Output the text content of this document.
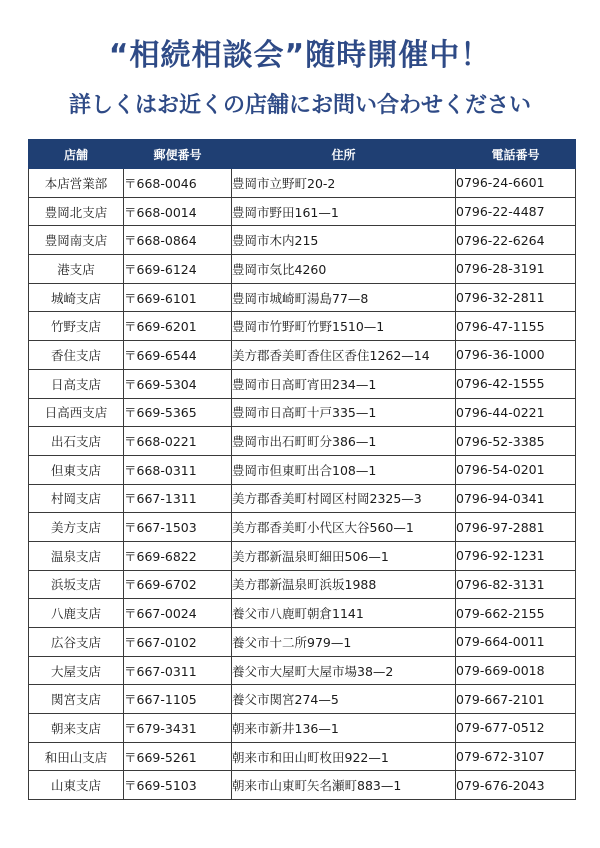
“相続相談会”随時開催中！
詳しくはお近くの店舗にお問い合わせください
店舗	郵便番号	住所	電話番号
本店営業部	〒668-0046	豊岡市立野町20-2	0796-24-6601
豊岡北支店	〒668-0014	豊岡市野田161—1	0796-22-4487
豊岡南支店	〒668-0864	豊岡市木内215	0796-22-6264
港支店	〒669-6124	豊岡市気比4260	0796-28-3191
城崎支店	〒669-6101	豊岡市城崎町湯島77—8	0796-32-2811
竹野支店	〒669-6201	豊岡市竹野町竹野1510—1	0796-47-1155
香住支店	〒669-6544	美方郡香美町香住区香住1262—14	0796-36-1000
日高支店	〒669-5304	豊岡市日高町宵田234—1	0796-42-1555
日高西支店	〒669-5365	豊岡市日高町十戸335—1	0796-44-0221
出石支店	〒668-0221	豊岡市出石町町分386—1	0796-52-3385
但東支店	〒668-0311	豊岡市但東町出合108—1	0796-54-0201
村岡支店	〒667-1311	美方郡香美町村岡区村岡2325—3	0796-94-0341
美方支店	〒667-1503	美方郡香美町小代区大谷560—1	0796-97-2881
温泉支店	〒669-6822	美方郡新温泉町細田506—1	0796-92-1231
浜坂支店	〒669-6702	美方郡新温泉町浜坂1988	0796-82-3131
八鹿支店	〒667-0024	養父市八鹿町朝倉1141	079-662-2155
広谷支店	〒667-0102	養父市十二所979—1	079-664-0011
大屋支店	〒667-0311	養父市大屋町大屋市場38—2	079-669-0018
関宮支店	〒667-1105	養父市関宮274—5	079-667-2101
朝来支店	〒679-3431	朝来市新井136—1	079-677-0512
和田山支店	〒669-5261	朝来市和田山町枚田922—1	079-672-3107
山東支店	〒669-5103	朝来市山東町矢名瀬町883—1	079-676-2043
